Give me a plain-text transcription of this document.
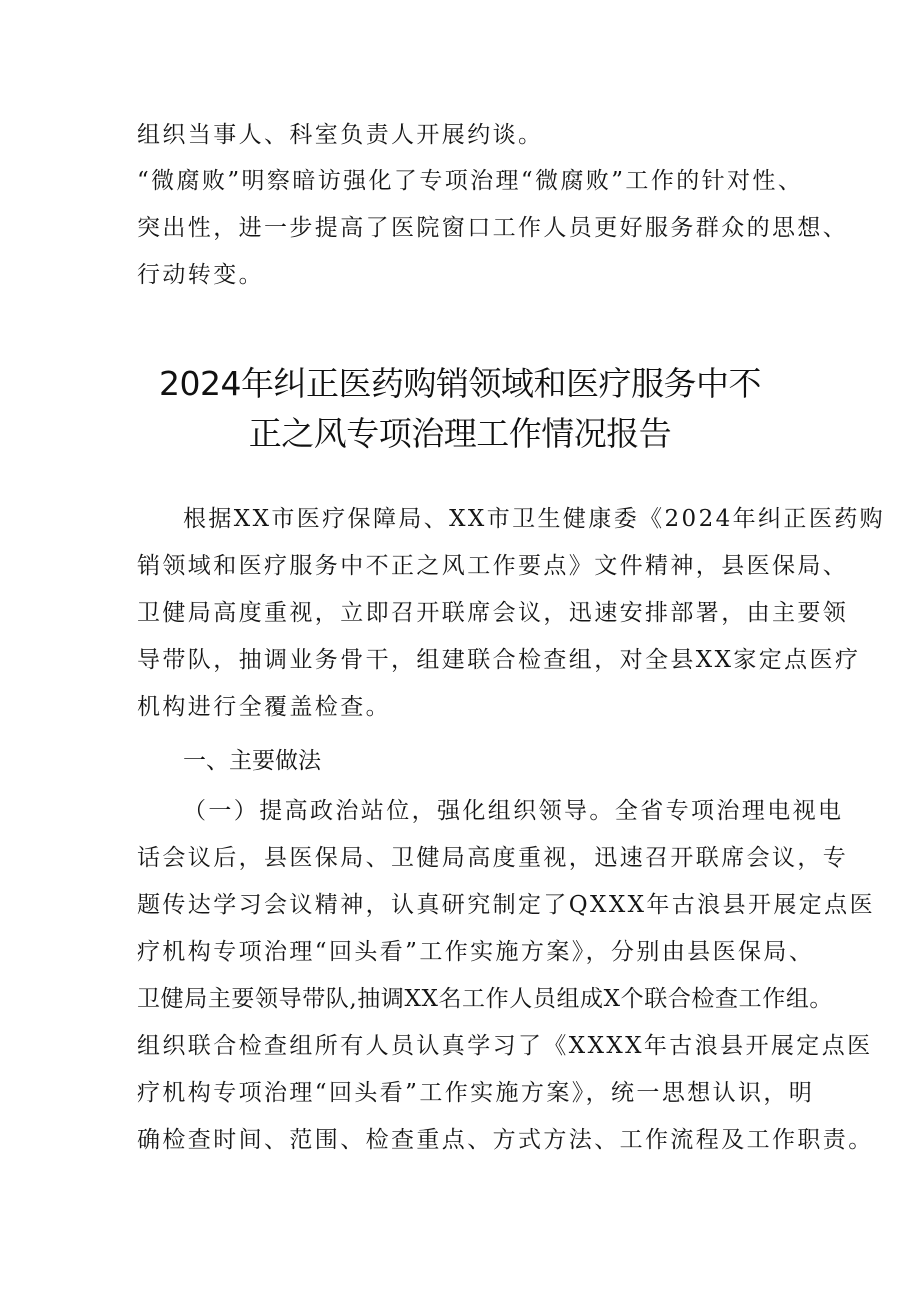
组织当事人、科室负责人开展约谈。
“微腐败”明察暗访强化了专项治理“微腐败”工作的针对性、
突出性，进一步提高了医院窗口工作人员更好服务群众的思想、
行动转变。
2024年纠正医药购销领域和医疗服务中不
正之风专项治理工作情况报告
根据XX市医疗保障局、XX市卫生健康委《2024年纠正医药购
销领域和医疗服务中不正之风工作要点》文件精神，县医保局、
卫健局高度重视，立即召开联席会议，迅速安排部署，由主要领
导带队，抽调业务骨干，组建联合检查组，对全县XX家定点医疗
机构进行全覆盖检查。
一、主要做法
（一）提高政治站位，强化组织领导。全省专项治理电视电
话会议后，县医保局、卫健局高度重视，迅速召开联席会议，专
题传达学习会议精神，认真研究制定了QXXX年古浪县开展定点医
疗机构专项治理“回头看”工作实施方案》，分别由县医保局、
卫健局主要领导带队,抽调XX名工作人员组成X个联合检查工作组。
组织联合检查组所有人员认真学习了《XXXX年古浪县开展定点医
疗机构专项治理“回头看”工作实施方案》，统一思想认识，明
确检查时间、范围、检查重点、方式方法、工作流程及工作职责。
